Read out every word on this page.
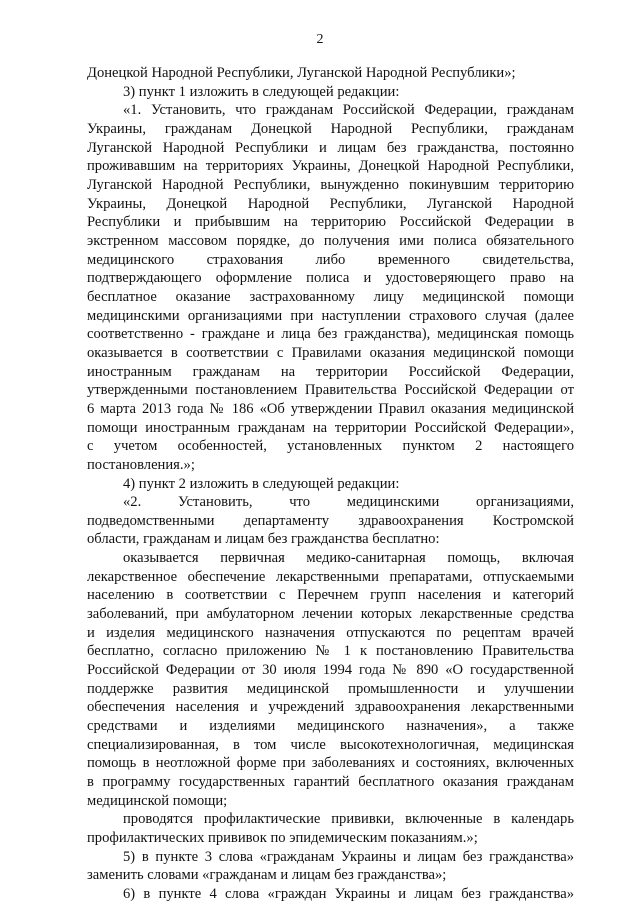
2
Донецкой Народной Республики, Луганской Народной Республики»;
3) пункт 1 изложить в следующей редакции:
«1. Установить, что гражданам Российской Федерации, гражданам
Украины, гражданам Донецкой Народной Республики, гражданам
Луганской Народной Республики и лицам без гражданства, постоянно
проживавшим на территориях Украины, Донецкой Народной Республики,
Луганской Народной Республики, вынужденно покинувшим территорию
Украины, Донецкой Народной Республики, Луганской Народной
Республики и прибывшим на территорию Российской Федерации в
экстренном массовом порядке, до получения ими полиса обязательного
медицинского страхования либо временного свидетельства,
подтверждающего оформление полиса и удостоверяющего право на
бесплатное оказание застрахованному лицу медицинской помощи
медицинскими организациями при наступлении страхового случая (далее
соответственно - граждане и лица без гражданства), медицинская помощь
оказывается в соответствии с Правилами оказания медицинской помощи
иностранным гражданам на территории Российской Федерации,
утвержденными постановлением Правительства Российской Федерации от
6 марта 2013 года № 186 «Об утверждении Правил оказания медицинской
помощи иностранным гражданам на территории Российской Федерации»,
с учетом особенностей, установленных пунктом 2 настоящего
постановления.»;
4) пункт 2 изложить в следующей редакции:
«2. Установить, что медицинскими организациями,
подведомственными департаменту здравоохранения Костромской
области, гражданам и лицам без гражданства бесплатно:
оказывается первичная медико-санитарная помощь, включая
лекарственное обеспечение лекарственными препаратами, отпускаемыми
населению в соответствии с Перечнем групп населения и категорий
заболеваний, при амбулаторном лечении которых лекарственные средства
и изделия медицинского назначения отпускаются по рецептам врачей
бесплатно, согласно приложению № 1 к постановлению Правительства
Российской Федерации от 30 июля 1994 года № 890 «О государственной
поддержке развития медицинской промышленности и улучшении
обеспечения населения и учреждений здравоохранения лекарственными
средствами и изделиями медицинского назначения», а также
специализированная, в том числе высокотехнологичная, медицинская
помощь в неотложной форме при заболеваниях и состояниях, включенных
в программу государственных гарантий бесплатного оказания гражданам
медицинской помощи;
проводятся профилактические прививки, включенные в календарь
профилактических прививок по эпидемическим показаниям.»;
5) в пункте 3 слова «гражданам Украины и лицам без гражданства»
заменить словами «гражданам и лицам без гражданства»;
6) в пункте 4 слова «граждан Украины и лицам без гражданства»
